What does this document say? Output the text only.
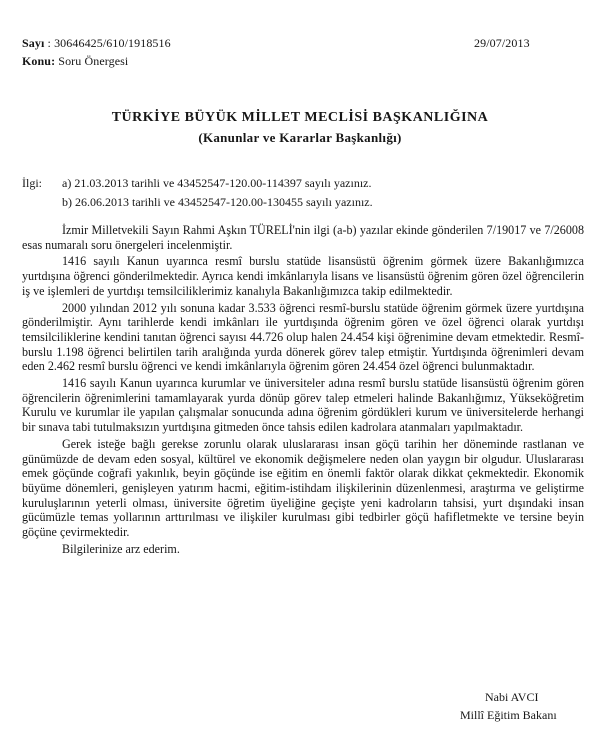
Sayı : 30646425/610/1918516	29/07/2013
Konu: Soru Önergesi
TÜRKİYE BÜYÜK MİLLET MECLİSİ BAŞKANLIĞINA
(Kanunlar ve Kararlar Başkanlığı)
İlgi: a) 21.03.2013 tarihli ve 43452547-120.00-114397 sayılı yazınız.
b) 26.06.2013 tarihli ve 43452547-120.00-130455 sayılı yazınız.

İzmir Milletvekili Sayın Rahmi Aşkın TÜRELİ'nin ilgi (a-b) yazılar ekinde gönderilen 7/19017 ve 7/26008 esas numaralı soru önergeleri incelenmiştir.

1416 sayılı Kanun uyarınca resmî burslu statüde lisansüstü öğrenim görmek üzere Bakanlığımızca yurtdışına öğrenci gönderilmektedir. Ayrıca kendi imkânlarıyla lisans ve lisansüstü öğrenim gören özel öğrencilerin iş ve işlemleri de yurtdışı temsilciliklerimiz kanalıyla Bakanlığımızca takip edilmektedir.

2000 yılından 2012 yılı sonuna kadar 3.533 öğrenci resmî-burslu statüde öğrenim görmek üzere yurtdışına gönderilmiştir. Aynı tarihlerde kendi imkânları ile yurtdışında öğrenim gören ve özel öğrenci olarak yurtdışı temsilciliklerine kendini tanıtan öğrenci sayısı 44.726 olup halen 24.454 kişi öğrenimine devam etmektedir. Resmî-burslu 1.198 öğrenci belirtilen tarih aralığında yurda dönerek görev talep etmiştir. Yurtdışında öğrenimleri devam eden 2.462 resmî burslu öğrenci ve kendi imkânlarıyla öğrenim gören 24.454 özel öğrenci bulunmaktadır.

1416 sayılı Kanun uyarınca kurumlar ve üniversiteler adına resmî burslu statüde lisansüstü öğrenim gören öğrencilerin öğrenimlerini tamamlayarak yurda dönüp görev talep etmeleri halinde Bakanlığımız, Yükseköğretim Kurulu ve kurumlar ile yapılan çalışmalar sonucunda adına öğrenim gördükleri kurum ve üniversitelerde herhangi bir sınava tabi tutulmaksızın yurtdışına gitmeden önce tahsis edilen kadrolara atanmaları yapılmaktadır.

Gerek isteğe bağlı gerekse zorunlu olarak uluslararası insan göçü tarihin her döneminde rastlanan ve günümüzde de devam eden sosyal, kültürel ve ekonomik değişmelere neden olan yaygın bir olgudur. Uluslararası emek göçünde coğrafi yakınlık, beyin göçünde ise eğitim en önemli faktör olarak dikkat çekmektedir. Ekonomik büyüme dönemleri, genişleyen yatırım hacmi, eğitim-istihdam ilişkilerinin düzenlenmesi, araştırma ve geliştirme kuruluşlarının yeterli olması, üniversite öğretim üyeliğine geçişte yeni kadroların tahsisi, yurt dışındaki insan gücümüzle temas yollarının arttırılması ve ilişkiler kurulması gibi tedbirler göçü hafifletmekte ve tersine beyin göçüne çevirmektedir.

Bilgilerinize arz ederim.

Nabi AVCI
Millî Eğitim Bakanı
